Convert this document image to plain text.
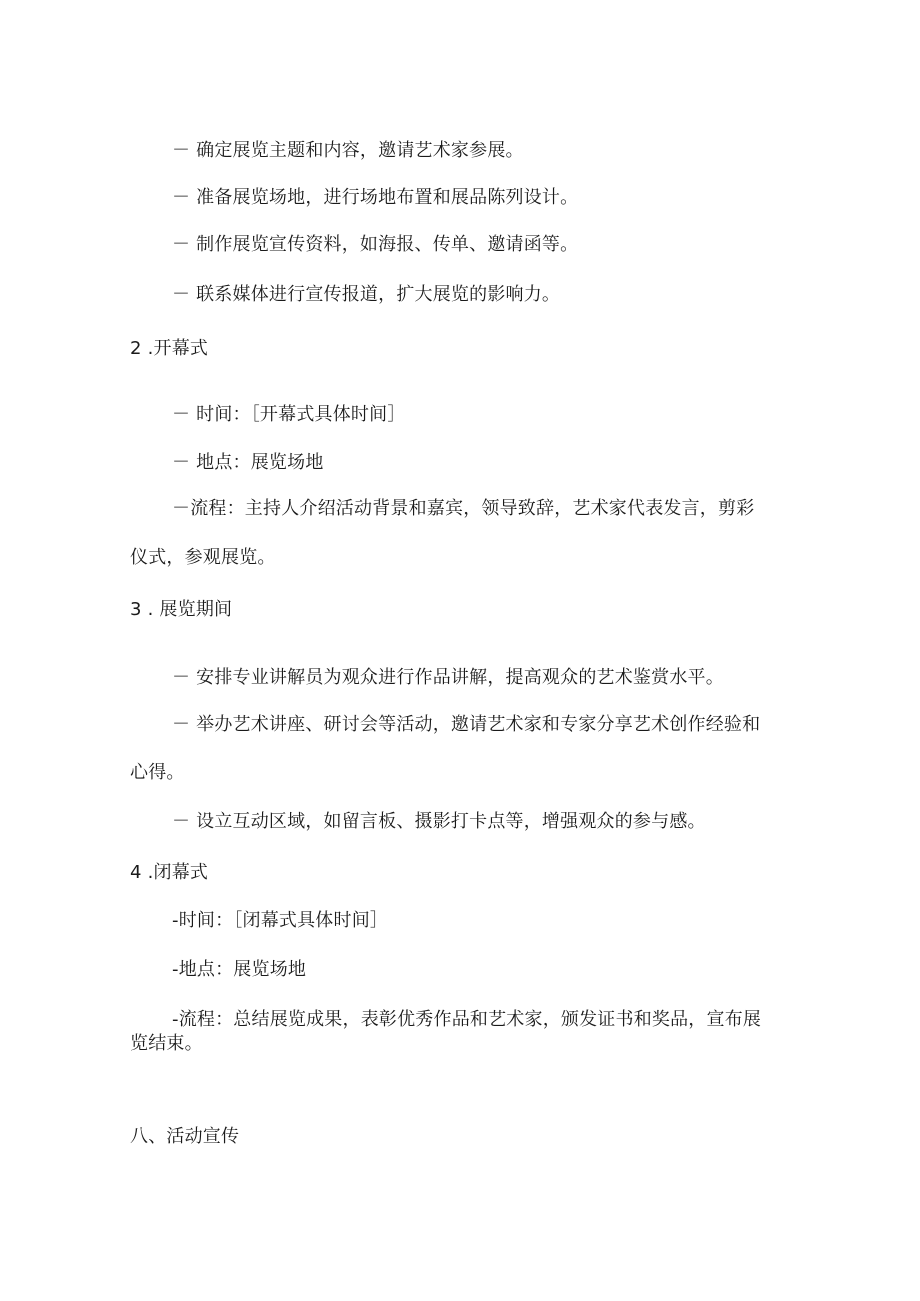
－ 确定展览主题和内容，邀请艺术家参展。
－ 准备展览场地，进行场地布置和展品陈列设计。
－ 制作展览宣传资料，如海报、传单、邀请函等。
－ 联系媒体进行宣传报道，扩大展览的影响力。
2 .开幕式
－ 时间：［开幕式具体时间］
－ 地点：展览场地
－流程：主持人介绍活动背景和嘉宾，领导致辞，艺术家代表发言，剪彩
仪式，参观展览。
3 . 展览期间
－ 安排专业讲解员为观众进行作品讲解，提高观众的艺术鉴赏水平。
－ 举办艺术讲座、研讨会等活动，邀请艺术家和专家分享艺术创作经验和
心得。
－ 设立互动区域，如留言板、摄影打卡点等，增强观众的参与感。
4 .闭幕式
-时间：［闭幕式具体时间］
-地点：展览场地
-流程：总结展览成果，表彰优秀作品和艺术家，颁发证书和奖品，宣布展
览结束。
八、活动宣传
